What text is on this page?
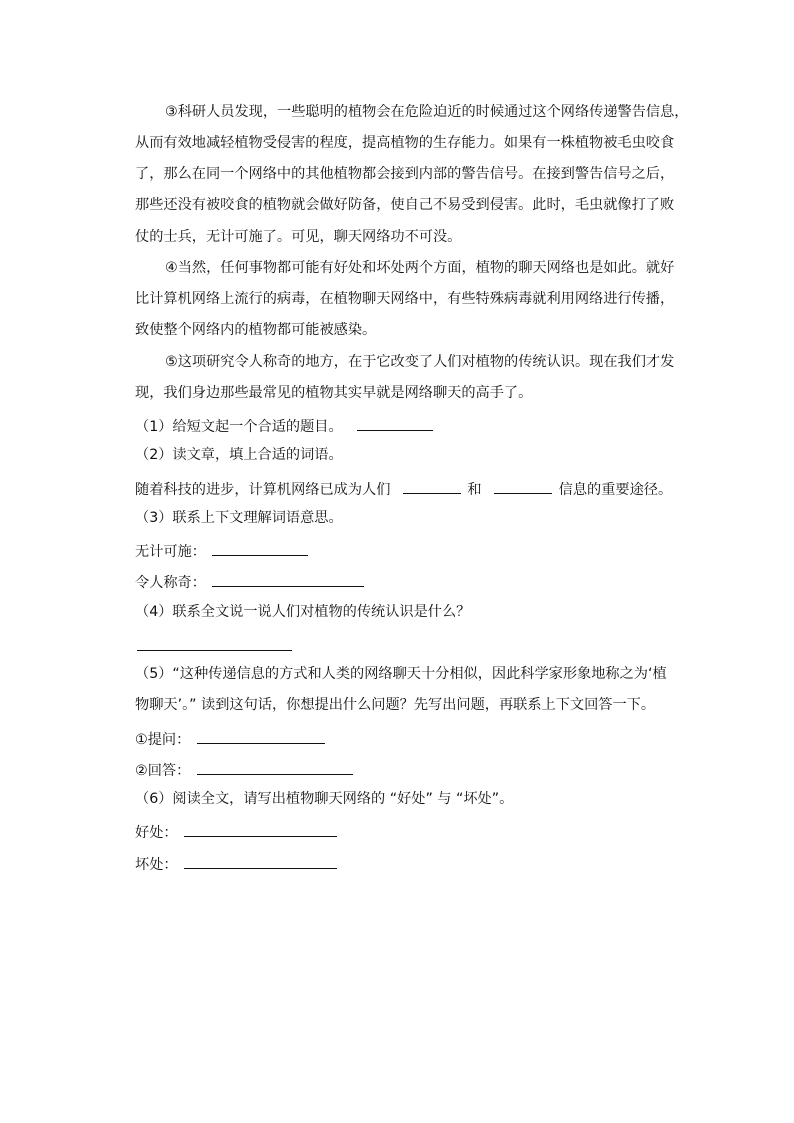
③科研人员发现，一些聪明的植物会在危险迫近的时候通过这个网络传递警告信息，
从而有效地减轻植物受侵害的程度，提高植物的生存能力。如果有一株植物被毛虫咬食
了，那么在同一个网络中的其他植物都会接到内部的警告信号。在接到警告信号之后，
那些还没有被咬食的植物就会做好防备，使自己不易受到侵害。此时，毛虫就像打了败
仗的士兵，无计可施了。可见，聊天网络功不可没。
④当然，任何事物都可能有好处和坏处两个方面，植物的聊天网络也是如此。就好
比计算机网络上流行的病毒，在植物聊天网络中，有些特殊病毒就利用网络进行传播，
致使整个网络内的植物都可能被感染。
⑤这项研究令人称奇的地方，在于它改变了人们对植物的传统认识。现在我们才发
现，我们身边那些最常见的植物其实早就是网络聊天的高手了。
（1）给短文起一个合适的题目。
（2）读文章，填上合适的词语。
随着科技的进步，计算机网络已成为人们	和	信息的重要途径。
（3）联系上下文理解词语意思。
无计可施：
令人称奇：
（4）联系全文说一说人们对植物的传统认识是什么？
（5）“这种传递信息的方式和人类的网络聊天十分相似，因此科学家形象地称之为‘植
物聊天’。” 读到这句话，你想提出什么问题？先写出问题，再联系上下文回答一下。
①提问：
②回答：
（6）阅读全文，请写出植物聊天网络的 “好处” 与 “坏处”。
好处：
坏处：
